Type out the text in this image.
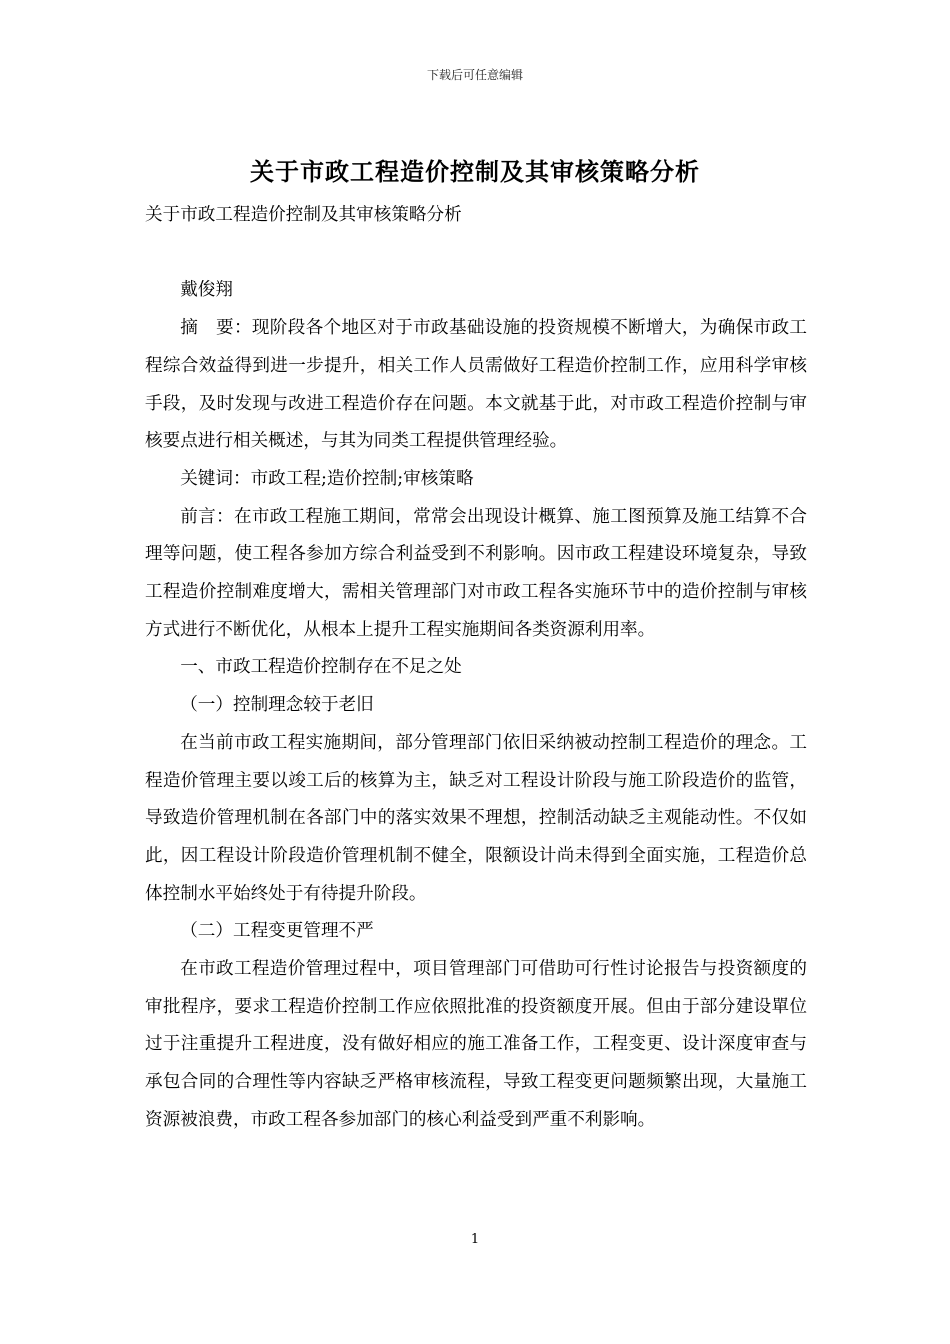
下载后可任意编辑
关于市政工程造价控制及其审核策略分析

关于市政工程造价控制及其审核策略分析

戴俊翔

摘　要：现阶段各个地区对于市政基础设施的投资规模不断增大，为确保市政工程综合效益得到进一步提升，相关工作人员需做好工程造价控制工作，应用科学审核手段，及时发现与改进工程造价存在问题。本文就基于此，对市政工程造价控制与审核要点进行相关概述，与其为同类工程提供管理经验。

关键词：市政工程;造价控制;审核策略

前言：在市政工程施工期间，常常会出现设计概算、施工图预算及施工结算不合理等问题，使工程各参加方综合利益受到不利影响。因市政工程建设环境复杂，导致工程造价控制难度增大，需相关管理部门对市政工程各实施环节中的造价控制与审核方式进行不断优化，从根本上提升工程实施期间各类资源利用率。

一、市政工程造价控制存在不足之处

（一）控制理念较于老旧

在当前市政工程实施期间，部分管理部门依旧采纳被动控制工程造价的理念。工程造价管理主要以竣工后的核算为主，缺乏对工程设计阶段与施工阶段造价的监管，导致造价管理机制在各部门中的落实效果不理想，控制活动缺乏主观能动性。不仅如此，因工程设计阶段造价管理机制不健全，限额设计尚未得到全面实施，工程造价总体控制水平始终处于有待提升阶段。

（二）工程变更管理不严

在市政工程造价管理过程中，项目管理部门可借助可行性讨论报告与投资额度的审批程序，要求工程造价控制工作应依照批准的投资额度开展。但由于部分建设單位过于注重提升工程进度，没有做好相应的施工准备工作，工程变更、设计深度审查与承包合同的合理性等内容缺乏严格审核流程，导致工程变更问题频繁出现，大量施工资源被浪费，市政工程各参加部门的核心利益受到严重不利影响。

1
